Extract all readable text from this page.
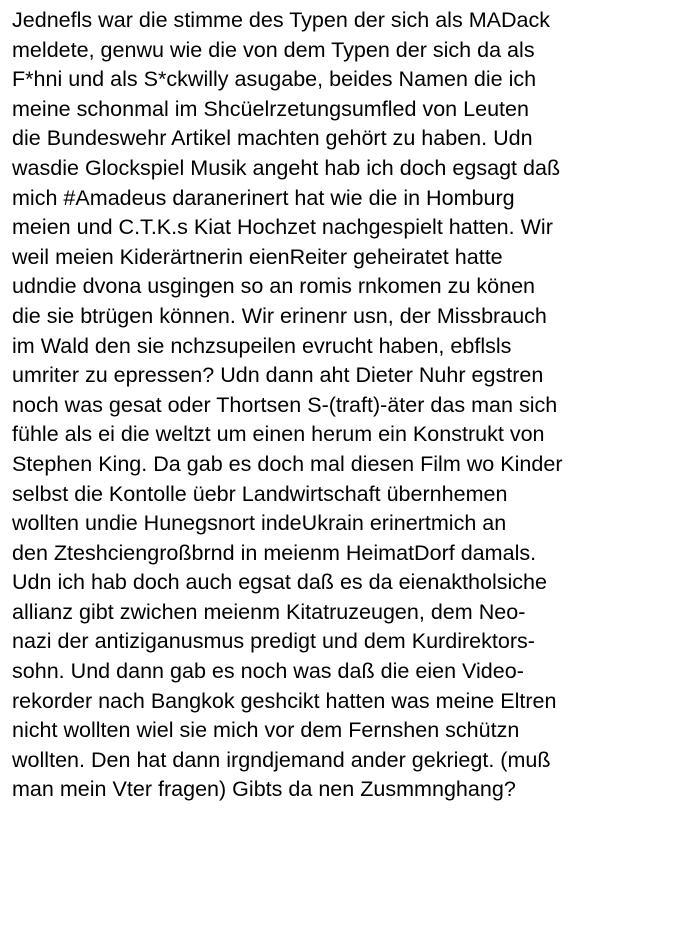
Jednefls war die stimme des Typen der sich als MADack
meldete, genwu wie die von dem Typen der sich da als
F*hni und als S*ckwilly asugabe, beides Namen die ich
meine schonmal im Shcüelrzetungsumfled von Leuten
die Bundeswehr Artikel machten gehört zu haben. Udn
wasdie Glockspiel Musik angeht hab ich doch egsagt daß
mich #Amadeus daranerinert hat wie die in Homburg
meien und C.T.K.s Kiat Hochzet nachgespielt hatten. Wir
weil meien Kiderärtnerin eienReiter geheiratet hatte
udndie dvona usgingen so an romis rnkomen zu könen
die sie btrügen können. Wir erinenr usn, der Missbrauch
im Wald den sie nchzsupeilen evrucht haben, ebflsls
umriter zu epressen? Udn dann aht Dieter Nuhr egstren
noch was gesat oder Thortsen S-(traft)-äter das man sich
fühle als ei die weltzt um einen herum ein Konstrukt von
Stephen King. Da gab es doch mal diesen Film wo Kinder
selbst die Kontolle üebr Landwirtschaft übernhemen
wollten undie Hunegsnort indeUkrain erinertmich an
den Zteshciengroßbrnd in meienm HeimatDorf damals.
Udn ich hab doch auch egsat daß es da eienaktholsiche
allianz gibt zwichen meienm Kitatruzeugen, dem Neo-
nazi der antiziganusmus predigt und dem Kurdirektors-
sohn. Und dann gab es noch was daß die eien Video-
rekorder nach Bangkok geshcikt hatten was meine Eltren
nicht wollten wiel sie mich vor dem Fernshen schützn
wollten. Den hat dann irgndjemand ander gekriegt. (muß
man mein Vter fragen) Gibts da nen Zusmmnghang?
